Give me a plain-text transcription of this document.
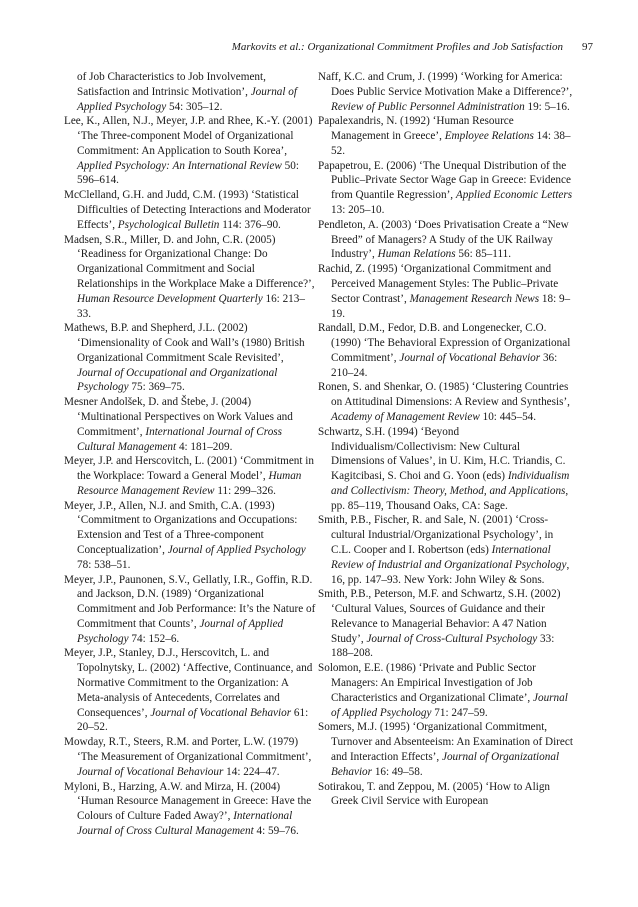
Markovits et al.: Organizational Commitment Profiles and Job Satisfaction 97

of Job Characteristics to Job Involvement, Satisfaction and Intrinsic Motivation’, Journal of Applied Psychology 54: 305–12.

Lee, K., Allen, N.J., Meyer, J.P. and Rhee, K.-Y. (2001) ‘The Three-component Model of Organizational Commitment: An Application to South Korea’, Applied Psychology: An International Review 50: 596–614.

McClelland, G.H. and Judd, C.M. (1993) ‘Statistical Difficulties of Detecting Interactions and Moderator Effects’, Psychological Bulletin 114: 376–90.

Madsen, S.R., Miller, D. and John, C.R. (2005) ‘Readiness for Organizational Change: Do Organizational Commitment and Social Relationships in the Workplace Make a Difference?’, Human Resource Development Quarterly 16: 213–33.

Mathews, B.P. and Shepherd, J.L. (2002) ‘Dimensionality of Cook and Wall’s (1980) British Organizational Commitment Scale Revisited’, Journal of Occupational and Organizational Psychology 75: 369–75.

Mesner Andolšek, D. and Štebe, J. (2004) ‘Multinational Perspectives on Work Values and Commitment’, International Journal of Cross Cultural Management 4: 181–209.

Meyer, J.P. and Herscovitch, L. (2001) ‘Commitment in the Workplace: Toward a General Model’, Human Resource Management Review 11: 299–326.

Meyer, J.P., Allen, N.J. and Smith, C.A. (1993) ‘Commitment to Organizations and Occupations: Extension and Test of a Three-component Conceptualization’, Journal of Applied Psychology 78: 538–51.

Meyer, J.P., Paunonen, S.V., Gellatly, I.R., Goffin, R.D. and Jackson, D.N. (1989) ‘Organizational Commitment and Job Performance: It’s the Nature of Commitment that Counts’, Journal of Applied Psychology 74: 152–6.

Meyer, J.P., Stanley, D.J., Herscovitch, L. and Topolnytsky, L. (2002) ‘Affective, Continuance, and Normative Commitment to the Organization: A Meta-analysis of Antecedents, Correlates and Consequences’, Journal of Vocational Behavior 61: 20–52.

Mowday, R.T., Steers, R.M. and Porter, L.W. (1979) ‘The Measurement of Organizational Commitment’, Journal of Vocational Behaviour 14: 224–47.

Myloni, B., Harzing, A.W. and Mirza, H. (2004) ‘Human Resource Management in Greece: Have the Colours of Culture Faded Away?’, International Journal of Cross Cultural Management 4: 59–76.

Naff, K.C. and Crum, J. (1999) ‘Working for America: Does Public Service Motivation Make a Difference?’, Review of Public Personnel Administration 19: 5–16.

Papalexandris, N. (1992) ‘Human Resource Management in Greece’, Employee Relations 14: 38–52.

Papapetrou, E. (2006) ‘The Unequal Distribution of the Public–Private Sector Wage Gap in Greece: Evidence from Quantile Regression’, Applied Economic Letters 13: 205–10.

Pendleton, A. (2003) ‘Does Privatisation Create a “New Breed” of Managers? A Study of the UK Railway Industry’, Human Relations 56: 85–111.

Rachid, Z. (1995) ‘Organizational Commitment and Perceived Management Styles: The Public–Private Sector Contrast’, Management Research News 18: 9–19.

Randall, D.M., Fedor, D.B. and Longenecker, C.O. (1990) ‘The Behavioral Expression of Organizational Commitment’, Journal of Vocational Behavior 36: 210–24.

Ronen, S. and Shenkar, O. (1985) ‘Clustering Countries on Attitudinal Dimensions: A Review and Synthesis’, Academy of Management Review 10: 445–54.

Schwartz, S.H. (1994) ‘Beyond Individualism/Collectivism: New Cultural Dimensions of Values’, in U. Kim, H.C. Triandis, C. Kagitcibasi, S. Choi and G. Yoon (eds) Individualism and Collectivism: Theory, Method, and Applications, pp. 85–119, Thousand Oaks, CA: Sage.

Smith, P.B., Fischer, R. and Sale, N. (2001) ‘Cross-cultural Industrial/Organizational Psychology’, in C.L. Cooper and I. Robertson (eds) International Review of Industrial and Organizational Psychology, 16, pp. 147–93. New York: John Wiley & Sons.

Smith, P.B., Peterson, M.F. and Schwartz, S.H. (2002) ‘Cultural Values, Sources of Guidance and their Relevance to Managerial Behavior: A 47 Nation Study’, Journal of Cross-Cultural Psychology 33: 188–208.

Solomon, E.E. (1986) ‘Private and Public Sector Managers: An Empirical Investigation of Job Characteristics and Organizational Climate’, Journal of Applied Psychology 71: 247–59.

Somers, M.J. (1995) ‘Organizational Commitment, Turnover and Absenteeism: An Examination of Direct and Interaction Effects’, Journal of Organizational Behavior 16: 49–58.

Sotirakou, T. and Zeppou, M. (2005) ‘How to Align Greek Civil Service with European
